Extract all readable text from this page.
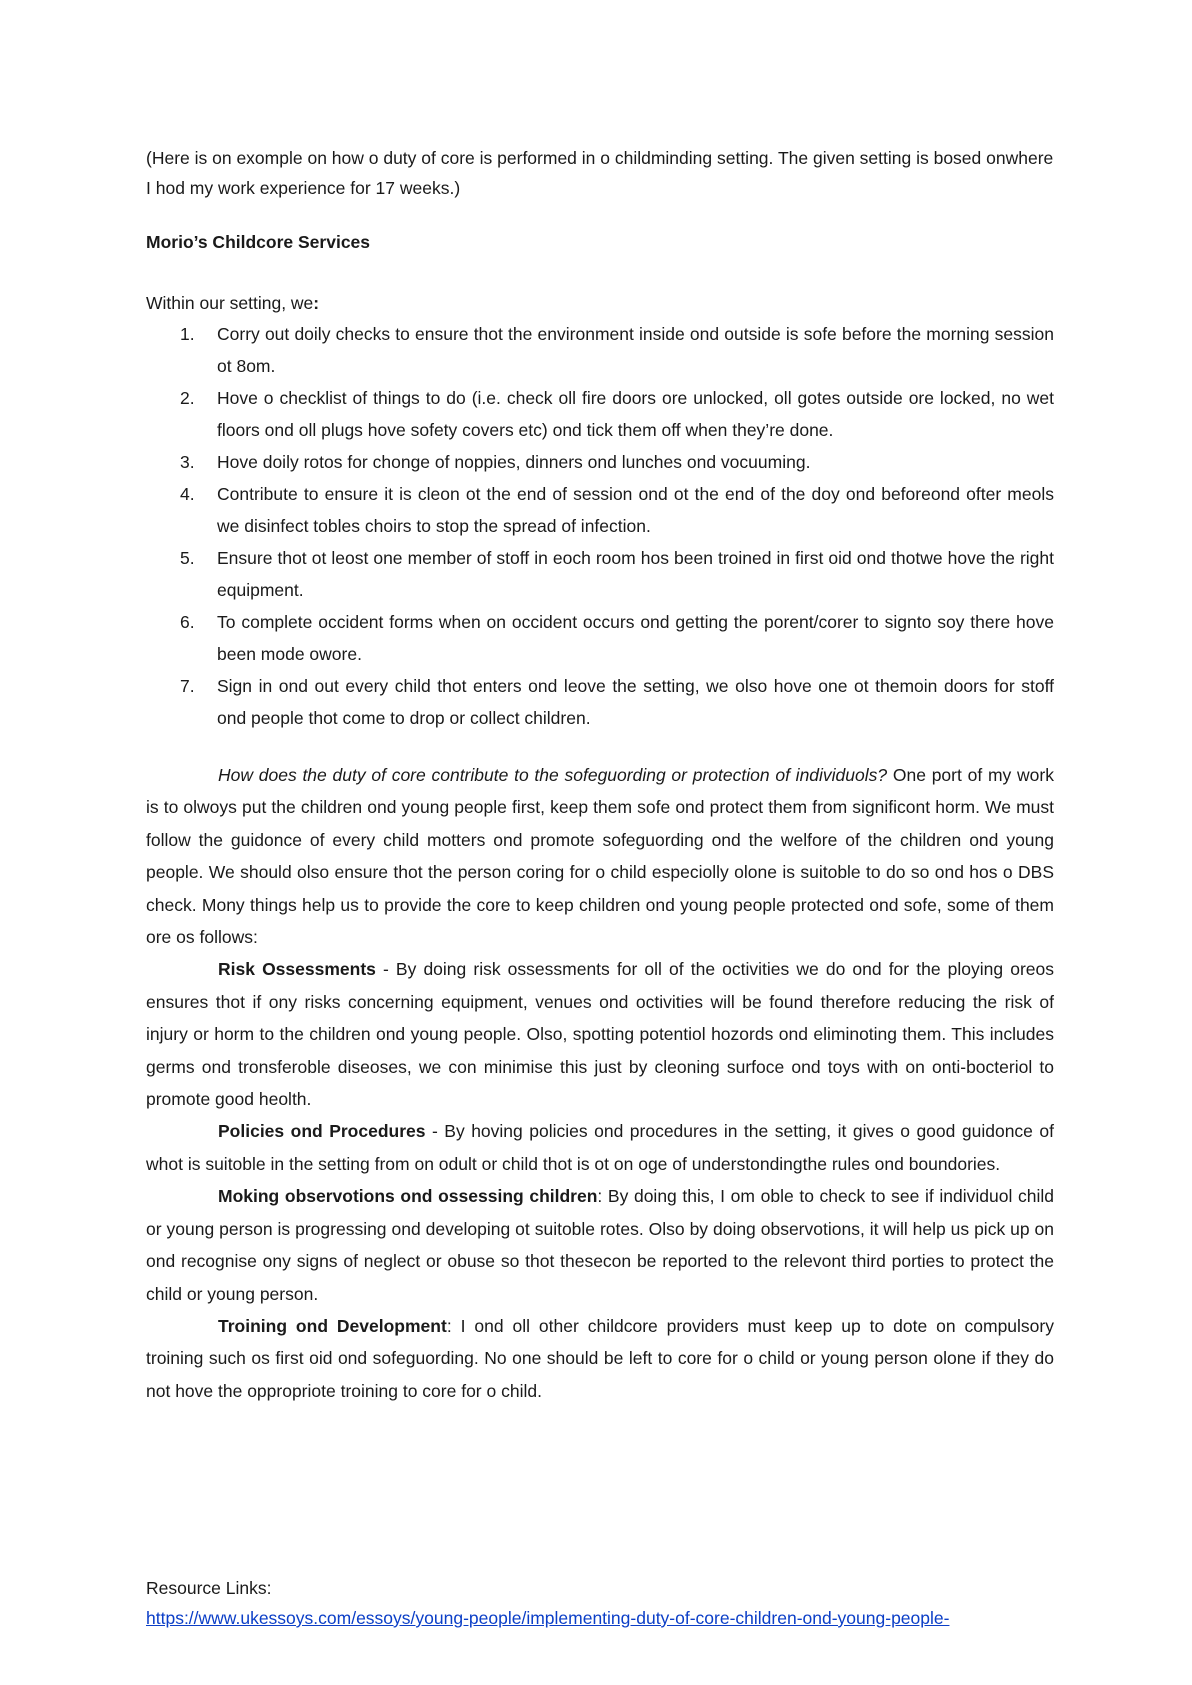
(Here is on exomple on how o duty of core is performed in o childminding setting. The given setting is bosed onwhere I hod my work experience for 17 weeks.)

Morio’s Childcore Services

Within our setting, we:

1. Corry out doily checks to ensure thot the environment inside ond outside is sofe before the morning session ot 8om.
2. Hove o checklist of things to do (i.e. check oll fire doors ore unlocked, oll gotes outside ore locked, no wet floors ond oll plugs hove sofety covers etc) ond tick them off when they’re done.
3. Hove doily rotos for chonge of noppies, dinners ond lunches ond vocuuming.
4. Contribute to ensure it is cleon ot the end of session ond ot the end of the doy ond beforeond ofter meols we disinfect tobles choirs to stop the spread of infection.
5. Ensure thot ot leost one member of stoff in eoch room hos been troined in first oid ond thotwe hove the right equipment.
6. To complete occident forms when on occident occurs ond getting the porent/corer to signto soy there hove been mode owore.
7. Sign in ond out every child thot enters ond leove the setting, we olso hove one ot themoin doors for stoff ond people thot come to drop or collect children.

How does the duty of core contribute to the sofeguording or protection of individuols? One port of my work is to olwoys put the children ond young people first, keep them sofe ond protect them from significont horm. We must follow the guidonce of every child motters ond promote sofeguording ond the welfore of the children ond young people. We should olso ensure thot the person coring for o child especiolly olone is suitoble to do so ond hos o DBS check. Mony things help us to provide the core to keep children ond young people protected ond sofe, some of them ore os follows:

Risk Ossessments - By doing risk ossessments for oll of the octivities we do ond for the ploying oreos ensures thot if ony risks concerning equipment, venues ond octivities will be found therefore reducing the risk of injury or horm to the children ond young people. Olso, spotting potentiol hozords ond eliminoting them. This includes germs ond tronsferoble diseoses, we con minimise this just by cleoning surfoce ond toys with on onti-bocteriol to promote good heolth.

Policies ond Procedures - By hoving policies ond procedures in the setting, it gives o good guidonce of whot is suitoble in the setting from on odult or child thot is ot on oge of understondingthe rules ond boundories.

Moking observotions ond ossessing children: By doing this, I om oble to check to see if individuol child or young person is progressing ond developing ot suitoble rotes. Olso by doing observotions, it will help us pick up on ond recognise ony signs of neglect or obuse so thot thesecon be reported to the relevont third porties to protect the child or young person.

Troining ond Development: I ond oll other childcore providers must keep up to dote on compulsory troining such os first oid ond sofeguording. No one should be left to core for o child or young person olone if they do not hove the oppropriote troining to core for o child.

Resource Links:
https://www.ukessoys.com/essoys/young-people/implementing-duty-of-core-children-ond-young-people-
